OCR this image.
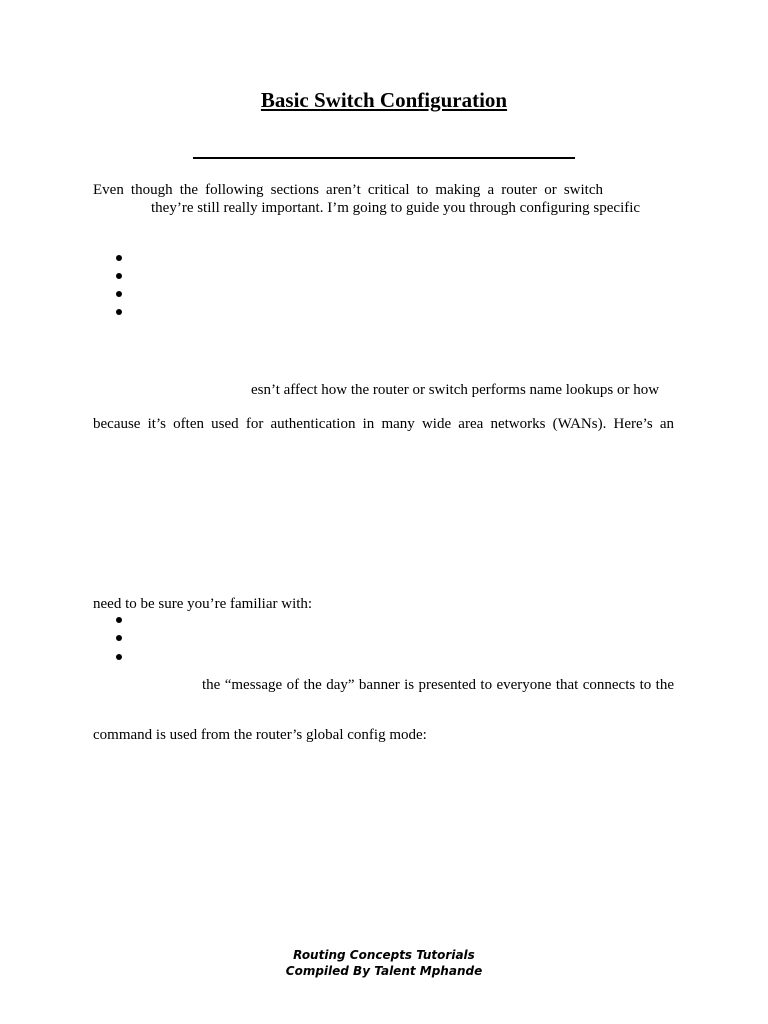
Basic Switch Configuration
Even though the following sections aren’t critical to making a router or switch
they’re still really important. I’m going to guide you through configuring specific
esn’t affect how the router or switch performs name lookups or how
because it’s often used for authentication in many wide area networks (WANs). Here’s an
need to be sure you’re familiar with:
the “message of the day” banner is presented to everyone that connects to the
command is used from the router’s global config mode:
Routing Concepts Tutorials
Compiled By Talent Mphande
